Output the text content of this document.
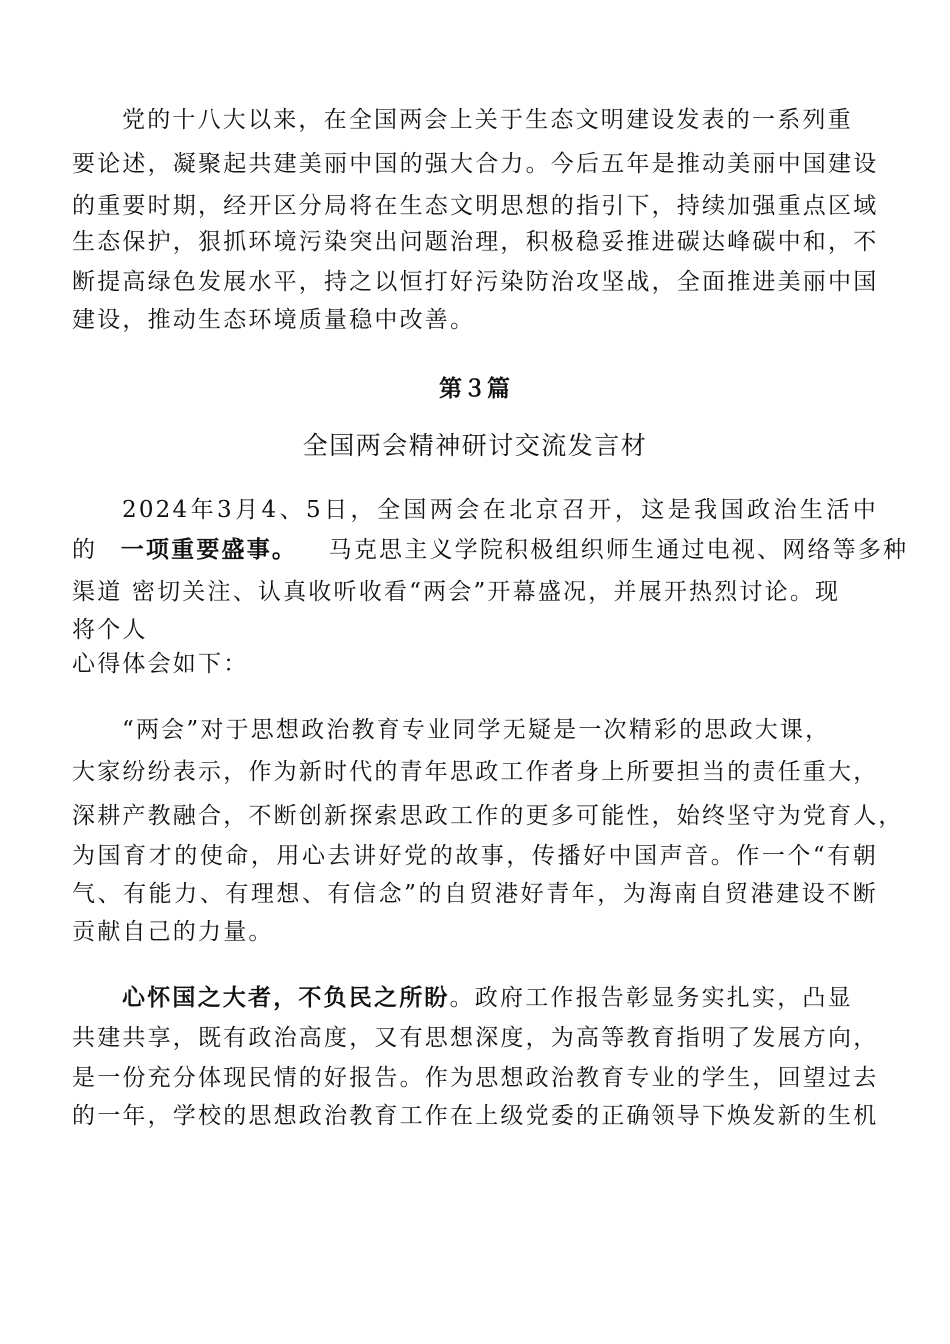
党的十八大以来，在全国两会上关于生态文明建设发表的一系列重
要论述，凝聚起共建美丽中国的强大合力。今后五年是推动美丽中国建设
的重要时期，经开区分局将在生态文明思想的指引下，持续加强重点区域
生态保护，狠抓环境污染突出问题治理，积极稳妥推进碳达峰碳中和，不
断提高绿色发展水平，持之以恒打好污染防治攻坚战，全面推进美丽中国
建设，推动生态环境质量稳中改善。
第３篇
全国两会精神研讨交流发言材
2024年3月4、5日，全国两会在北京召开，这是我国政治生活中
的 一项重要盛事。 马克思主义学院积极组织师生通过电视、网络等多种
渠道 密切关注、认真收听收看“两会”开幕盛况，并展开热烈讨论。现
将个人
心得体会如下：
“两会”对于思想政治教育专业同学无疑是一次精彩的思政大课，
大家纷纷表示，作为新时代的青年思政工作者身上所要担当的责任重大，
深耕产教融合，不断创新探索思政工作的更多可能性，始终坚守为党育人，
为国育才的使命，用心去讲好党的故事，传播好中国声音。作一个“有朝
气、有能力、有理想、有信念”的自贸港好青年，为海南自贸港建设不断
贡献自己的力量。
心怀国之大者，不负民之所盼。政府工作报告彰显务实扎实，凸显
共建共享，既有政治高度，又有思想深度，为高等教育指明了发展方向，
是一份充分体现民情的好报告。作为思想政治教育专业的学生，回望过去
的一年，学校的思想政治教育工作在上级党委的正确领导下焕发新的生机
